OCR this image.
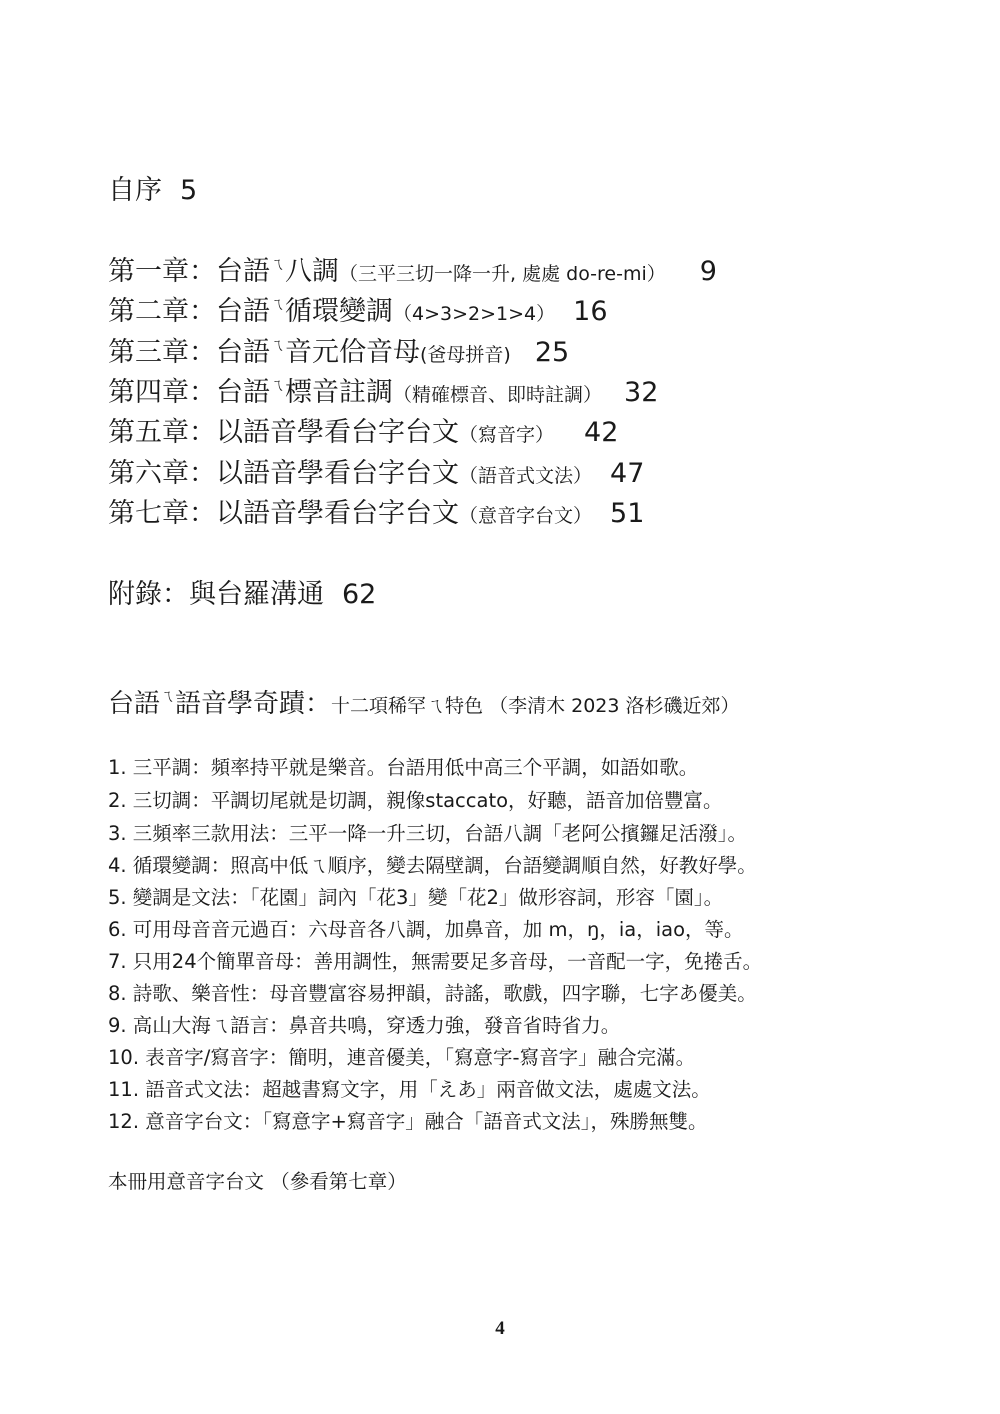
自序 5
第一章：台語$^ㄟ$八調（三平三切一降一升, 處處 do-re-mi） 9
第二章：台語$^ㄟ$循環變調（4>3>2>1>4） 16
第三章：台語$^ㄟ$音元佮音母(爸母拼音) 25
第四章：台語$^ㄟ$標音註調（精確標音、即時註調） 32
第五章：以語音學看台字台文（寫音字） 42
第六章：以語音學看台字台文（語音式文法） 47
第七章：以語音學看台字台文（意音字台文） 51
附錄：與台羅溝通 62
台語$^ㄟ$語音學奇蹟：十二項稀罕ㄟ特色 （李清木 2023 洛杉磯近郊）
1. 三平調：頻率持平就是樂音。台語用低中高三个平調，如語如歌。
2. 三切調：平調切尾就是切調，親像staccato，好聽，語音加倍豐富。
3. 三頻率三款用法：三平一降一升三切，台語八調「老阿公擯鑼足活潑」。
4. 循環變調：照高中低ㄟ順序，變去隔壁調，台語變調順自然，好教好學。
5. 變調是文法：「花園」詞內「花3」變「花2」做形容詞，形容「園」。
6. 可用母音音元過百：六母音各八調，加鼻音，加 m，ŋ，ia，iao，等。
7. 只用24个簡單音母：善用調性，無需要足多音母，一音配一字，免捲舌。
8. 詩歌、樂音性：母音豐富容易押韻，詩謠，歌戲，四字聯，七字あ優美。
9. 高山大海ㄟ語言：鼻音共鳴，穿透力強，發音省時省力。
10. 表音字/寫音字：簡明，連音優美，「寫意字-寫音字」融合完滿。
11. 語音式文法：超越書寫文字，用「えあ」兩音做文法，處處文法。
12. 意音字台文：「寫意字+寫音字」融合「語音式文法」，殊勝無雙。
本冊用意音字台文 （參看第七章）
4
